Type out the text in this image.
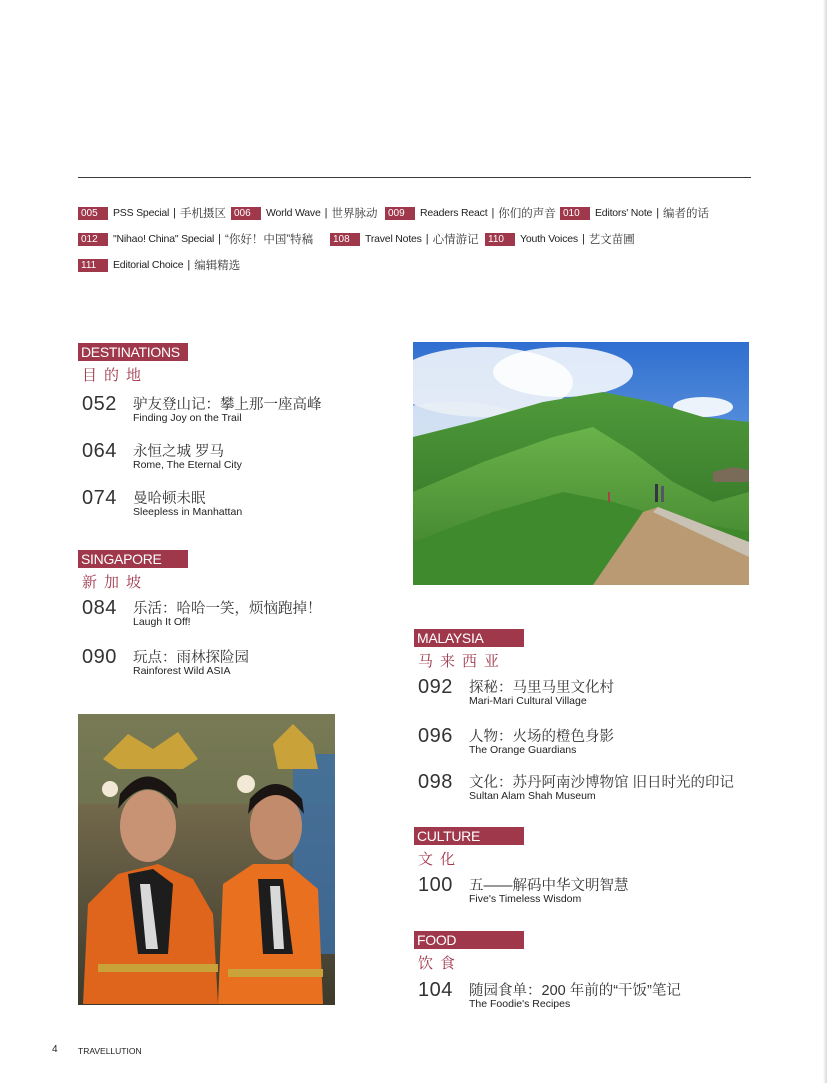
005	PSS Special | 手机摄区 006	World Wave | 世界脉动	009	Readers React | 你们的声音 010	Editors' Note | 编者的话
012	"Nihao! China" Special | “你好！中国”特稿	108	Travel Notes | 心情游记 110	Youth Voices | 艺文苗圃
111	Editorial Choice | 编辑精选
DESTINATIONS
目的地
052 驴友登山记：攀上那一座高峰
Finding Joy on the Trail
064 永恒之城 罗马
Rome, The Eternal City
074 曼哈顿未眠
Sleepless in Manhattan
SINGAPORE
新加坡
084 乐活：哈哈一笑，烦恼跑掉！
Laugh It Off!
090 玩点：雨林探险园
Rainforest Wild ASIA
MALAYSIA
马来西亚
092 探秘：马里马里文化村
Mari-Mari Cultural Village
096 人物：火场的橙色身影
The Orange Guardians
098 文化：苏丹阿南沙博物馆 旧日时光的印记
Sultan Alam Shah Museum
CULTURE
文化
100 五——解码中华文明智慧
Five's Timeless Wisdom
FOOD
饮食
104 随园食单：200 年前的“干饭”笔记
The Foodie's Recipes
4 TRAVELLUTION
